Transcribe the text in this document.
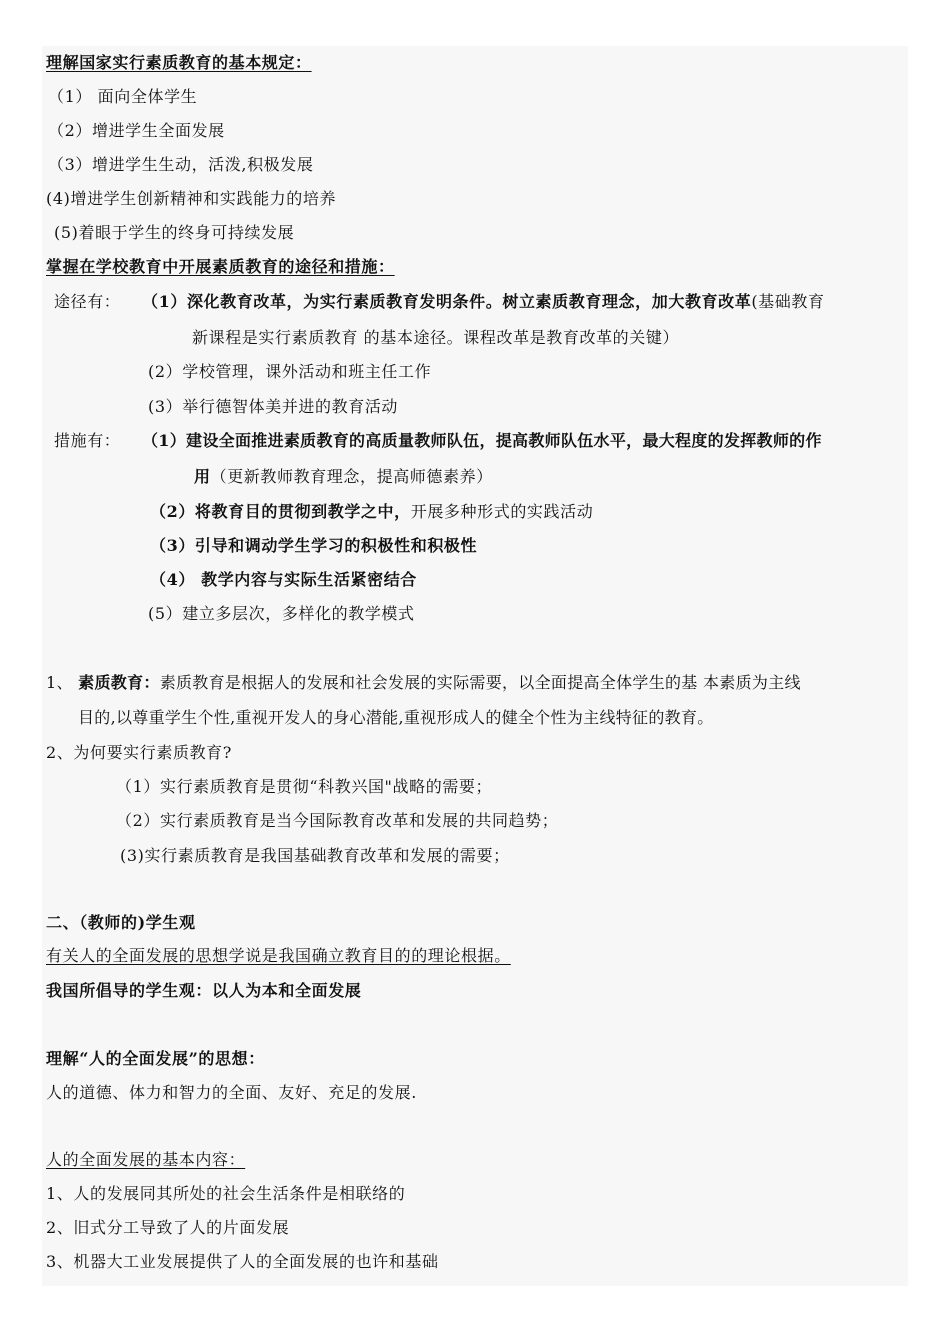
理解国家实行素质教育的基本规定：
（1） 面向全体学生
（2）增进学生全面发展
（3）增进学生生动，活泼,积极发展
(4)增进学生创新精神和实践能力的培养
(5)着眼于学生的终身可持续发展
掌握在学校教育中开展素质教育的途径和措施：
途径有： （1）深化教育改革，为实行素质教育发明条件。树立素质教育理念，加大教育改革(基础教育
新课程是实行素质教育 的基本途径。课程改革是教育改革的关键）
(2）学校管理，课外活动和班主任工作
(3）举行德智体美并进的教育活动
措施有： （1）建设全面推进素质教育的高质量教师队伍，提高教师队伍水平，最大程度的发挥教师的作
用（更新教师教育理念，提高师德素养）
（2）将教育目的贯彻到教学之中，开展多种形式的实践活动
（3）引导和调动学生学习的积极性和积极性
（4） 教学内容与实际生活紧密结合
(5）建立多层次，多样化的教学模式
1、 素质教育：素质教育是根据人的发展和社会发展的实际需要，以全面提高全体学生的基 本素质为主线
目的,以尊重学生个性,重视开发人的身心潜能,重视形成人的健全个性为主线特征的教育。
2、为何要实行素质教育?
（1）实行素质教育是贯彻“科教兴国"战略的需要；
（2）实行素质教育是当今国际教育改革和发展的共同趋势；
(3)实行素质教育是我国基础教育改革和发展的需要；
二、（教师的)学生观
有关人的全面发展的思想学说是我国确立教育目的的理论根据。
我国所倡导的学生观：以人为本和全面发展
理解“人的全面发展”的思想：
人的道德、体力和智力的全面、友好、充足的发展.
人的全面发展的基本内容：
1、人的发展同其所处的社会生活条件是相联络的
2、旧式分工导致了人的片面发展
3、机器大工业发展提供了人的全面发展的也许和基础
